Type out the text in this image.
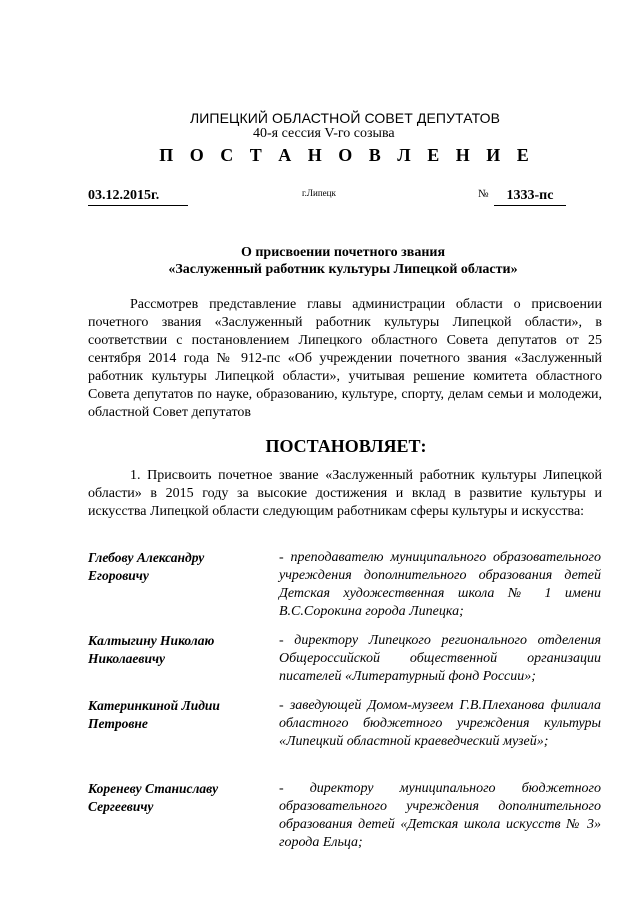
ЛИПЕЦКИЙ ОБЛАСТНОЙ СОВЕТ ДЕПУТАТОВ
40-я сессия V-го созыва
П О С Т А Н О В Л Е Н И Е
03.12.2015г.	г.Липецк	№	1333-пс
О присвоении почетного звания
«Заслуженный работник культуры Липецкой области»
Рассмотрев представление главы администрации области о присвоении почетного звания «Заслуженный работник культуры Липецкой области», в соответствии с постановлением Липецкого областного Совета депутатов от 25 сентября 2014 года № 912-пс «Об учреждении почетного звания «Заслуженный работник культуры Липецкой области», учитывая решение комитета областного Совета депутатов по науке, образованию, культуре, спорту, делам семьи и молодежи, областной Совет депутатов
ПОСТАНОВЛЯЕТ:
1. Присвоить почетное звание «Заслуженный работник культуры Липецкой области» в 2015 году за высокие достижения и вклад в развитие культуры и искусства Липецкой области следующим работникам сферы культуры и искусства:
Глебову Александру Егоровичу
- преподавателю муниципального образовательного учреждения дополнительного образования детей Детская художественная школа № 1 имени В.С.Сорокина города Липецка;
Калтыгину Николаю Николаевичу
- директору Липецкого регионального отделения Общероссийской общественной организации писателей «Литературный фонд России»;
Катеринкиной Лидии Петровне
- заведующей Домом-музеем Г.В.Плеханова филиала областного бюджетного учреждения культуры «Липецкий областной краеведческий музей»;
Кореневу Станиславу Сергеевичу
- директору муниципального бюджетного образовательного учреждения дополнительного образования детей «Детская школа искусств № 3» города Ельца;
